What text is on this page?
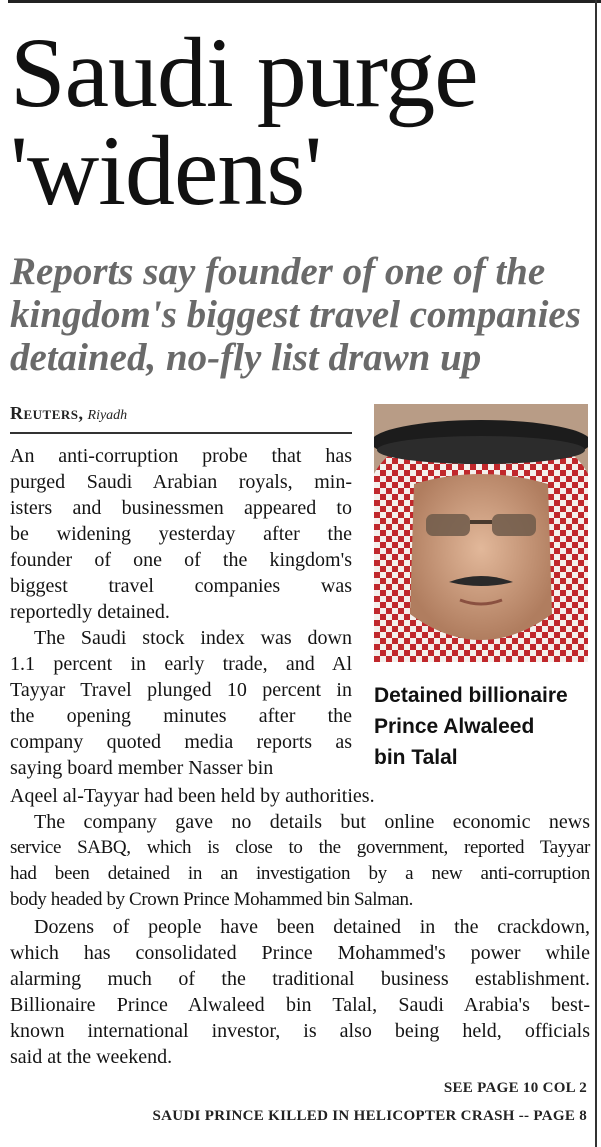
Saudi purge
'widens'
Reports say founder of one of the
kingdom's biggest travel companies
detained, no-fly list drawn up
Reuters, Riyadh
Detained billionaire
Prince Alwaleed
bin Talal
An anti-corruption probe that has
purged Saudi Arabian royals, min-
isters and businessmen appeared to
be widening yesterday after the
founder of one of the kingdom's
biggest travel companies was
reportedly detained.
The Saudi stock index was down
1.1 percent in early trade, and Al
Tayyar Travel plunged 10 percent in
the opening minutes after the
company quoted media reports as
saying board member Nasser bin
Aqeel al-Tayyar had been held by authorities.
The company gave no details but online economic news
service SABQ, which is close to the government, reported Tayyar
had been detained in an investigation by a new anti-corruption
body headed by Crown Prince Mohammed bin Salman.
Dozens of people have been detained in the crackdown,
which has consolidated Prince Mohammed's power while
alarming much of the traditional business establishment.
Billionaire Prince Alwaleed bin Talal, Saudi Arabia's best-
known international investor, is also being held, officials
said at the weekend.
SEE PAGE 10 COL 2
SAUDI PRINCE KILLED IN HELICOPTER CRASH -- PAGE 8
